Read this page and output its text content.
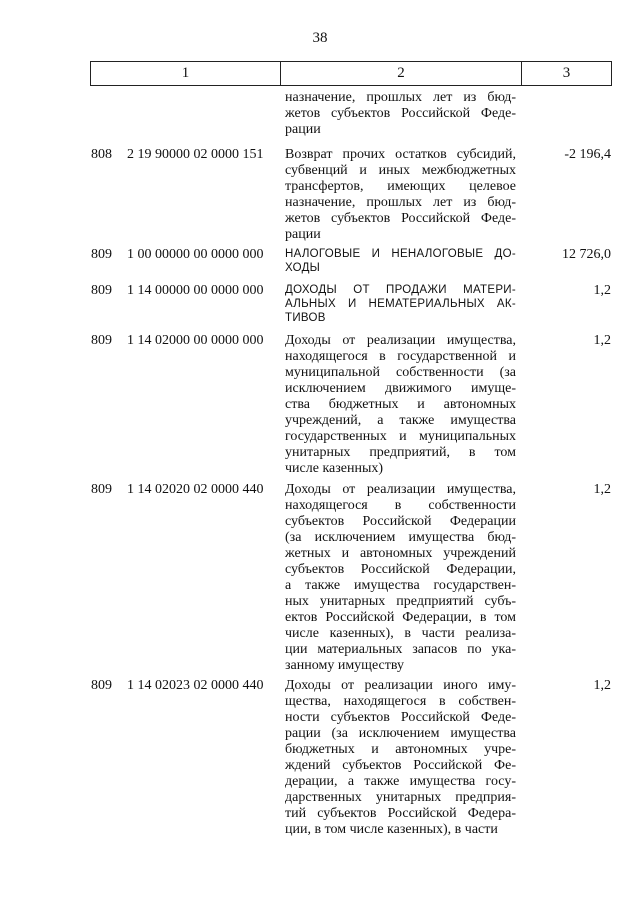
38
1	2	3
назначение, прошлых лет из бюд-
жетов субъектов Российской Феде-
рации
808	2 19 90000 02 0000 151	Возврат прочих остатков субсидий,
субвенций и иных межбюджетных
трансфертов, имеющих целевое
назначение, прошлых лет из бюд-
жетов субъектов Российской Феде-
рации
-2 196,4
809	1 00 00000 00 0000 000	НАЛОГОВЫЕ И НЕНАЛОГОВЫЕ ДО-
ХОДЫ
12 726,0
809	1 14 00000 00 0000 000	ДОХОДЫ ОТ ПРОДАЖИ МАТЕРИ-
АЛЬНЫХ И НЕМАТЕРИАЛЬНЫХ АК-
ТИВОВ
1,2
809	1 14 02000 00 0000 000	Доходы от реализации имущества,
находящегося в государственной и
муниципальной собственности (за
исключением движимого имуще-
ства бюджетных и автономных
учреждений, а также имущества
государственных и муниципальных
унитарных предприятий, в том
числе казенных)
1,2
809	1 14 02020 02 0000 440	Доходы от реализации имущества,
находящегося в собственности
субъектов Российской Федерации
(за исключением имущества бюд-
жетных и автономных учреждений
субъектов Российской Федерации,
а также имущества государствен-
ных унитарных предприятий субъ-
ектов Российской Федерации, в том
числе казенных), в части реализа-
ции материальных запасов по ука-
занному имуществу
1,2
809	1 14 02023 02 0000 440	Доходы от реализации иного иму-
щества, находящегося в собствен-
ности субъектов Российской Феде-
рации (за исключением имущества
бюджетных и автономных учре-
ждений субъектов Российской Фе-
дерации, а также имущества госу-
дарственных унитарных предприя-
тий субъектов Российской Федера-
ции, в том числе казенных), в части
1,2
